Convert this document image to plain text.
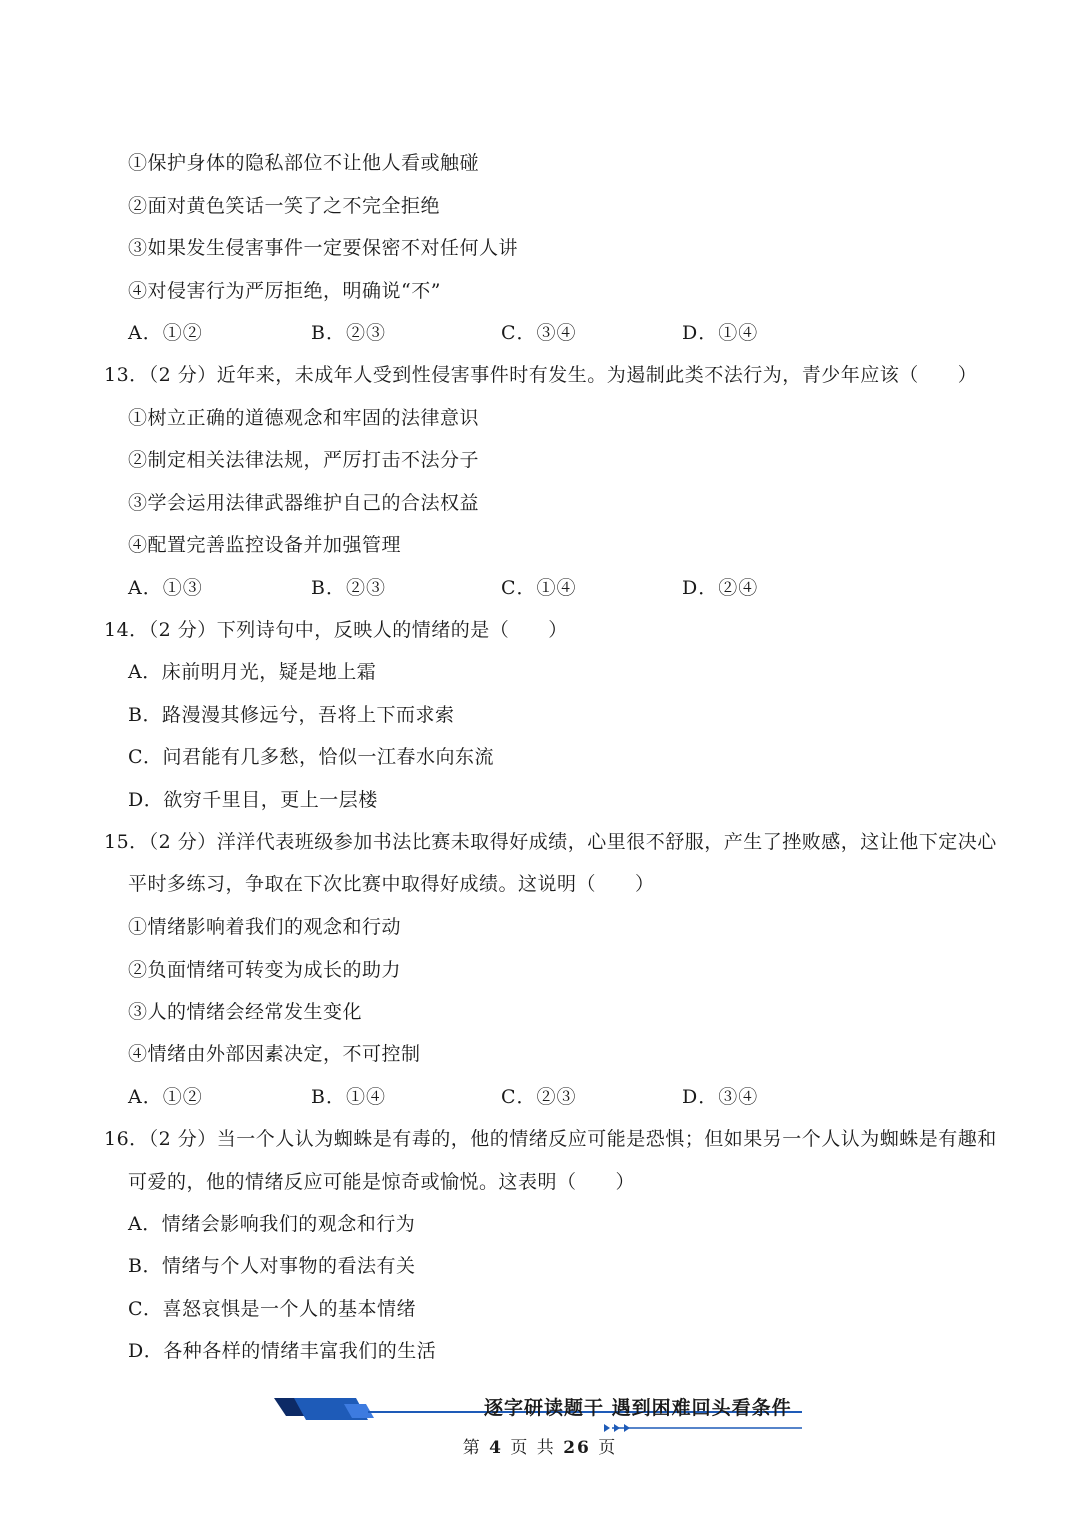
①保护身体的隐私部位不让他人看或触碰
②面对黄色笑话一笑了之不完全拒绝
③如果发生侵害事件一定要保密不对任何人讲
④对侵害行为严厉拒绝，明确说“不”
A．①②	B．②③	C．③④	D．①④
13．（2 分）近年来，未成年人受到性侵害事件时有发生。为遏制此类不法行为，青少年应该（　　）
①树立正确的道德观念和牢固的法律意识
②制定相关法律法规，严厉打击不法分子
③学会运用法律武器维护自己的合法权益
④配置完善监控设备并加强管理
A．①③	B．②③	C．①④	D．②④
14．（2 分）下列诗句中，反映人的情绪的是（　　）
A．床前明月光，疑是地上霜
B．路漫漫其修远兮，吾将上下而求索
C．问君能有几多愁，恰似一江春水向东流
D．欲穷千里目，更上一层楼
15．（2 分）洋洋代表班级参加书法比赛未取得好成绩，心里很不舒服，产生了挫败感，这让他下定决心
平时多练习，争取在下次比赛中取得好成绩。这说明（　　）
①情绪影响着我们的观念和行动
②负面情绪可转变为成长的助力
③人的情绪会经常发生变化
④情绪由外部因素决定，不可控制
A．①②	B．①④	C．②③	D．③④
16．（2 分）当一个人认为蜘蛛是有毒的，他的情绪反应可能是恐惧；但如果另一个人认为蜘蛛是有趣和
可爱的，他的情绪反应可能是惊奇或愉悦。这表明（　　）
A．情绪会影响我们的观念和行为
B．情绪与个人对事物的看法有关
C．喜怒哀惧是一个人的基本情绪
D．各种各样的情绪丰富我们的生活
逐字研读题干 遇到困难回头看条件
第 4 页 共 26 页
